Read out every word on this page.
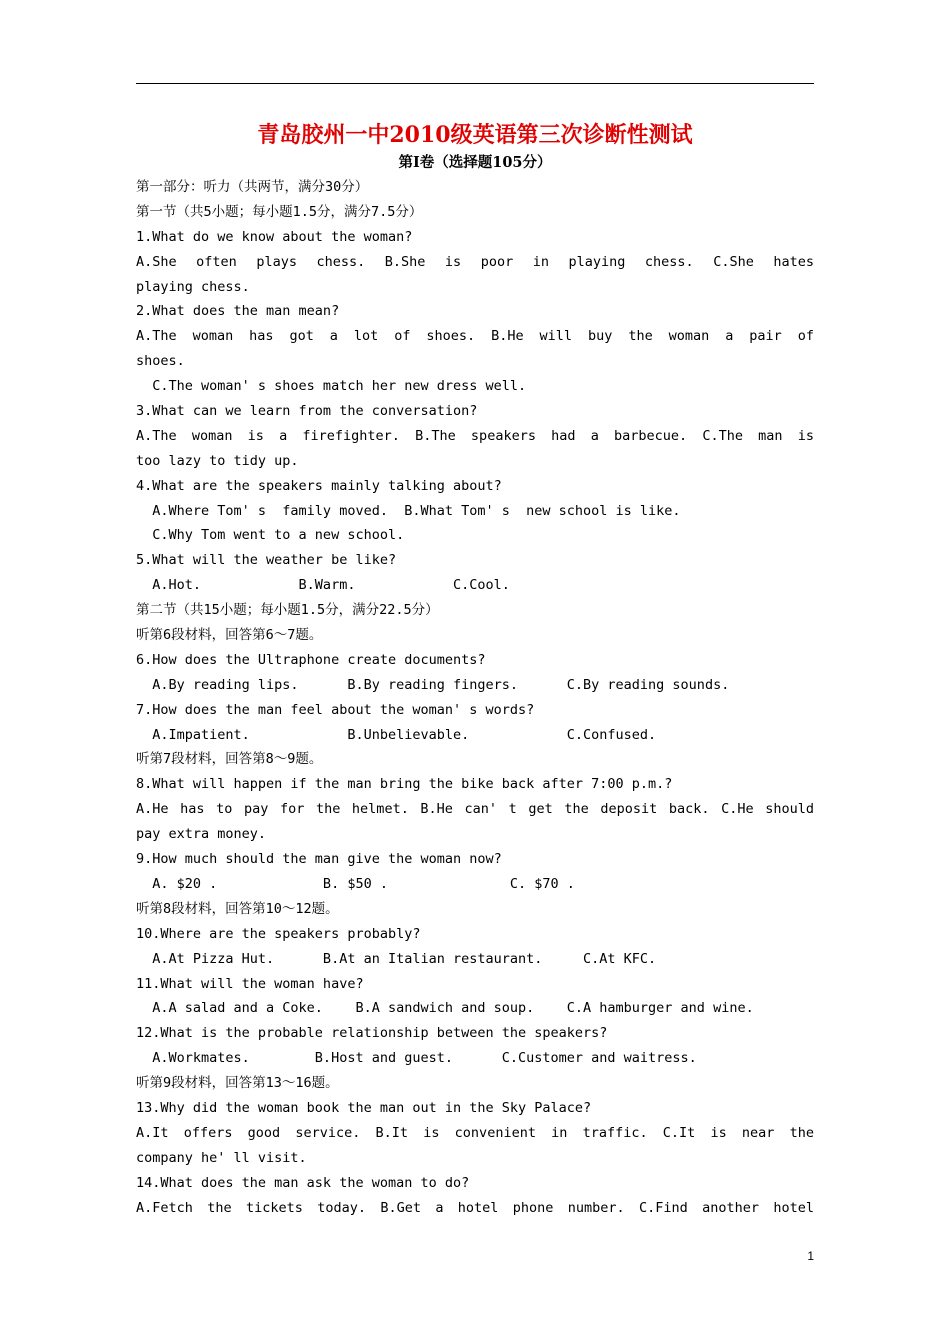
青岛胶州一中2010级英语第三次诊断性测试
第Ⅰ卷（选择题105分）
第一部分：听力（共两节，满分30分）
第一节（共5小题；每小题1.5分，满分7.5分）
1.What do we know about the woman?
A.She often plays chess. B.She is poor in playing chess. C.She hates
playing chess.
2.What does the man mean?
A.The woman has got a lot of shoes. B.He will buy the woman a pair of
shoes.
C.The woman' s shoes match her new dress well.
3.What can we learn from the conversation?
A.The woman is a firefighter. B.The speakers had a barbecue. C.The man is
too lazy to tidy up.
4.What are the speakers mainly talking about?
A.Where Tom' s  family moved.  B.What Tom' s  new school is like.
C.Why Tom went to a new school.
5.What will the weather be like?
A.Hot.            B.Warm.            C.Cool.
第二节（共15小题；每小题1.5分，满分22.5分）
听第6段材料，回答第6～7题。
6.How does the Ultraphone create documents?
A.By reading lips.      B.By reading fingers.      C.By reading sounds.
7.How does the man feel about the woman' s words?
A.Impatient.            B.Unbelievable.            C.Confused.
听第7段材料，回答第8～9题。
8.What will happen if the man bring the bike back after 7:00 p.m.?
A.He has to pay for the helmet. B.He can' t get the deposit back. C.He should
pay extra money.
9.How much should the man give the woman now?
A. $20 .             B. $50 .               C. $70 .
听第8段材料，回答第10～12题。
10.Where are the speakers probably?
A.At Pizza Hut.      B.At an Italian restaurant.     C.At KFC.
11.What will the woman have?
A.A salad and a Coke.    B.A sandwich and soup.    C.A hamburger and wine.
12.What is the probable relationship between the speakers?
A.Workmates.        B.Host and guest.      C.Customer and waitress.
听第9段材料，回答第13～16题。
13.Why did the woman book the man out in the Sky Palace?
A.It offers good service. B.It is convenient in traffic. C.It is near the
company he' ll visit.
14.What does the man ask the woman to do?
A.Fetch the tickets today. B.Get a hotel phone number. C.Find another hotel
1
